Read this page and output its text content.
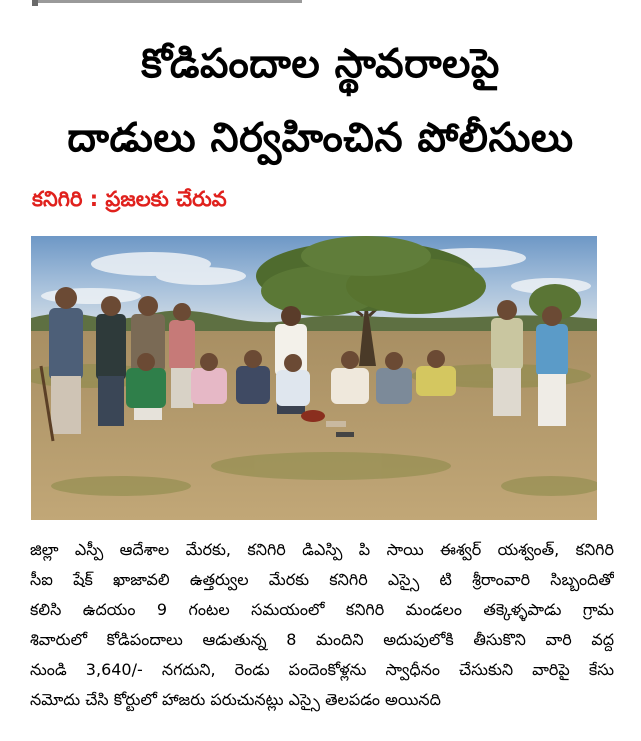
కోడిపందాల స్థావరాలపై
దాడులు నిర్వహించిన పోలీసులు
కనిగిరి : ప్రజలకు చేరువ
జిల్లా ఎస్పీ ఆదేశాల మేరకు, కనిగిరి డిఎస్పి పి సాయి ఈశ్వర్ యశ్వంత్, కనిగిరి
సీఐ షేక్ ఖాజావలి ఉత్తర్వుల మేరకు కనిగిరి ఎస్సై టి శ్రీరాంవారి సిబ్బందితో
కలిసి ఉదయం 9 గంటల సమయంలో కనిగిరి మండలం తక్కెళ్ళపాడు గ్రామ
శివారులో కోడిపందాలు ఆడుతున్న 8 మందిని అదుపులోకి తీసుకొని వారి వద్ద
నుండి 3,640/- నగదుని, రెండు పందెంకోళ్లను స్వాధీనం చేసుకుని వారిపై కేసు
నమోదు చేసి కోర్టులో హాజరు పరుచునట్లు ఎస్సై తెలపడం అయినది
